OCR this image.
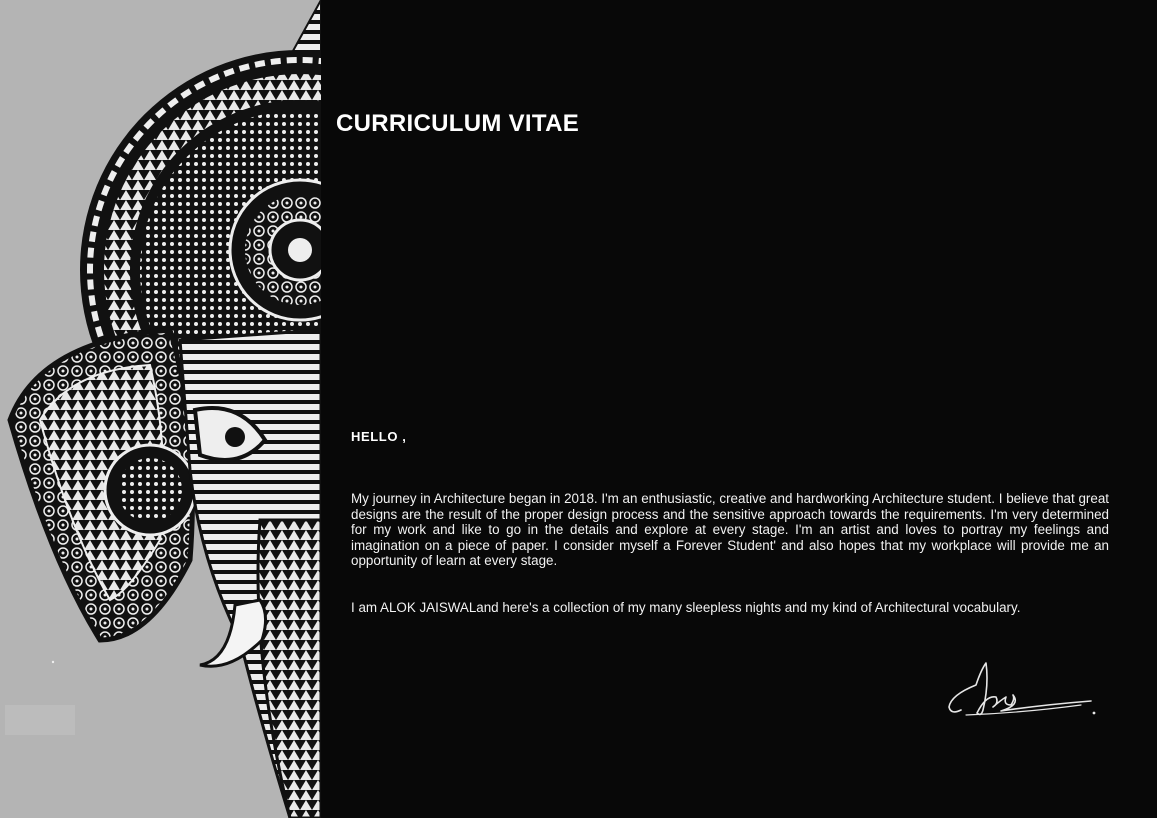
CURRICULUM VITAE
HELLO ,

My journey in Architecture began in 2018. I'm an enthusiastic, creative and hardworking Architecture student. I believe that great designs are the result of the proper design process and the sensitive approach towards the requirements. I'm very determined for my work and like to go in the details and explore at every stage. I'm an artist and loves to portray my feelings and imagination on a piece of paper. I consider myself a Forever Student' and also hopes that my workplace will provide me an opportunity of learn at every stage.

I am ALOK JAISWALand here's a collection of my many sleepless nights and my kind of Architectural vocabulary.
